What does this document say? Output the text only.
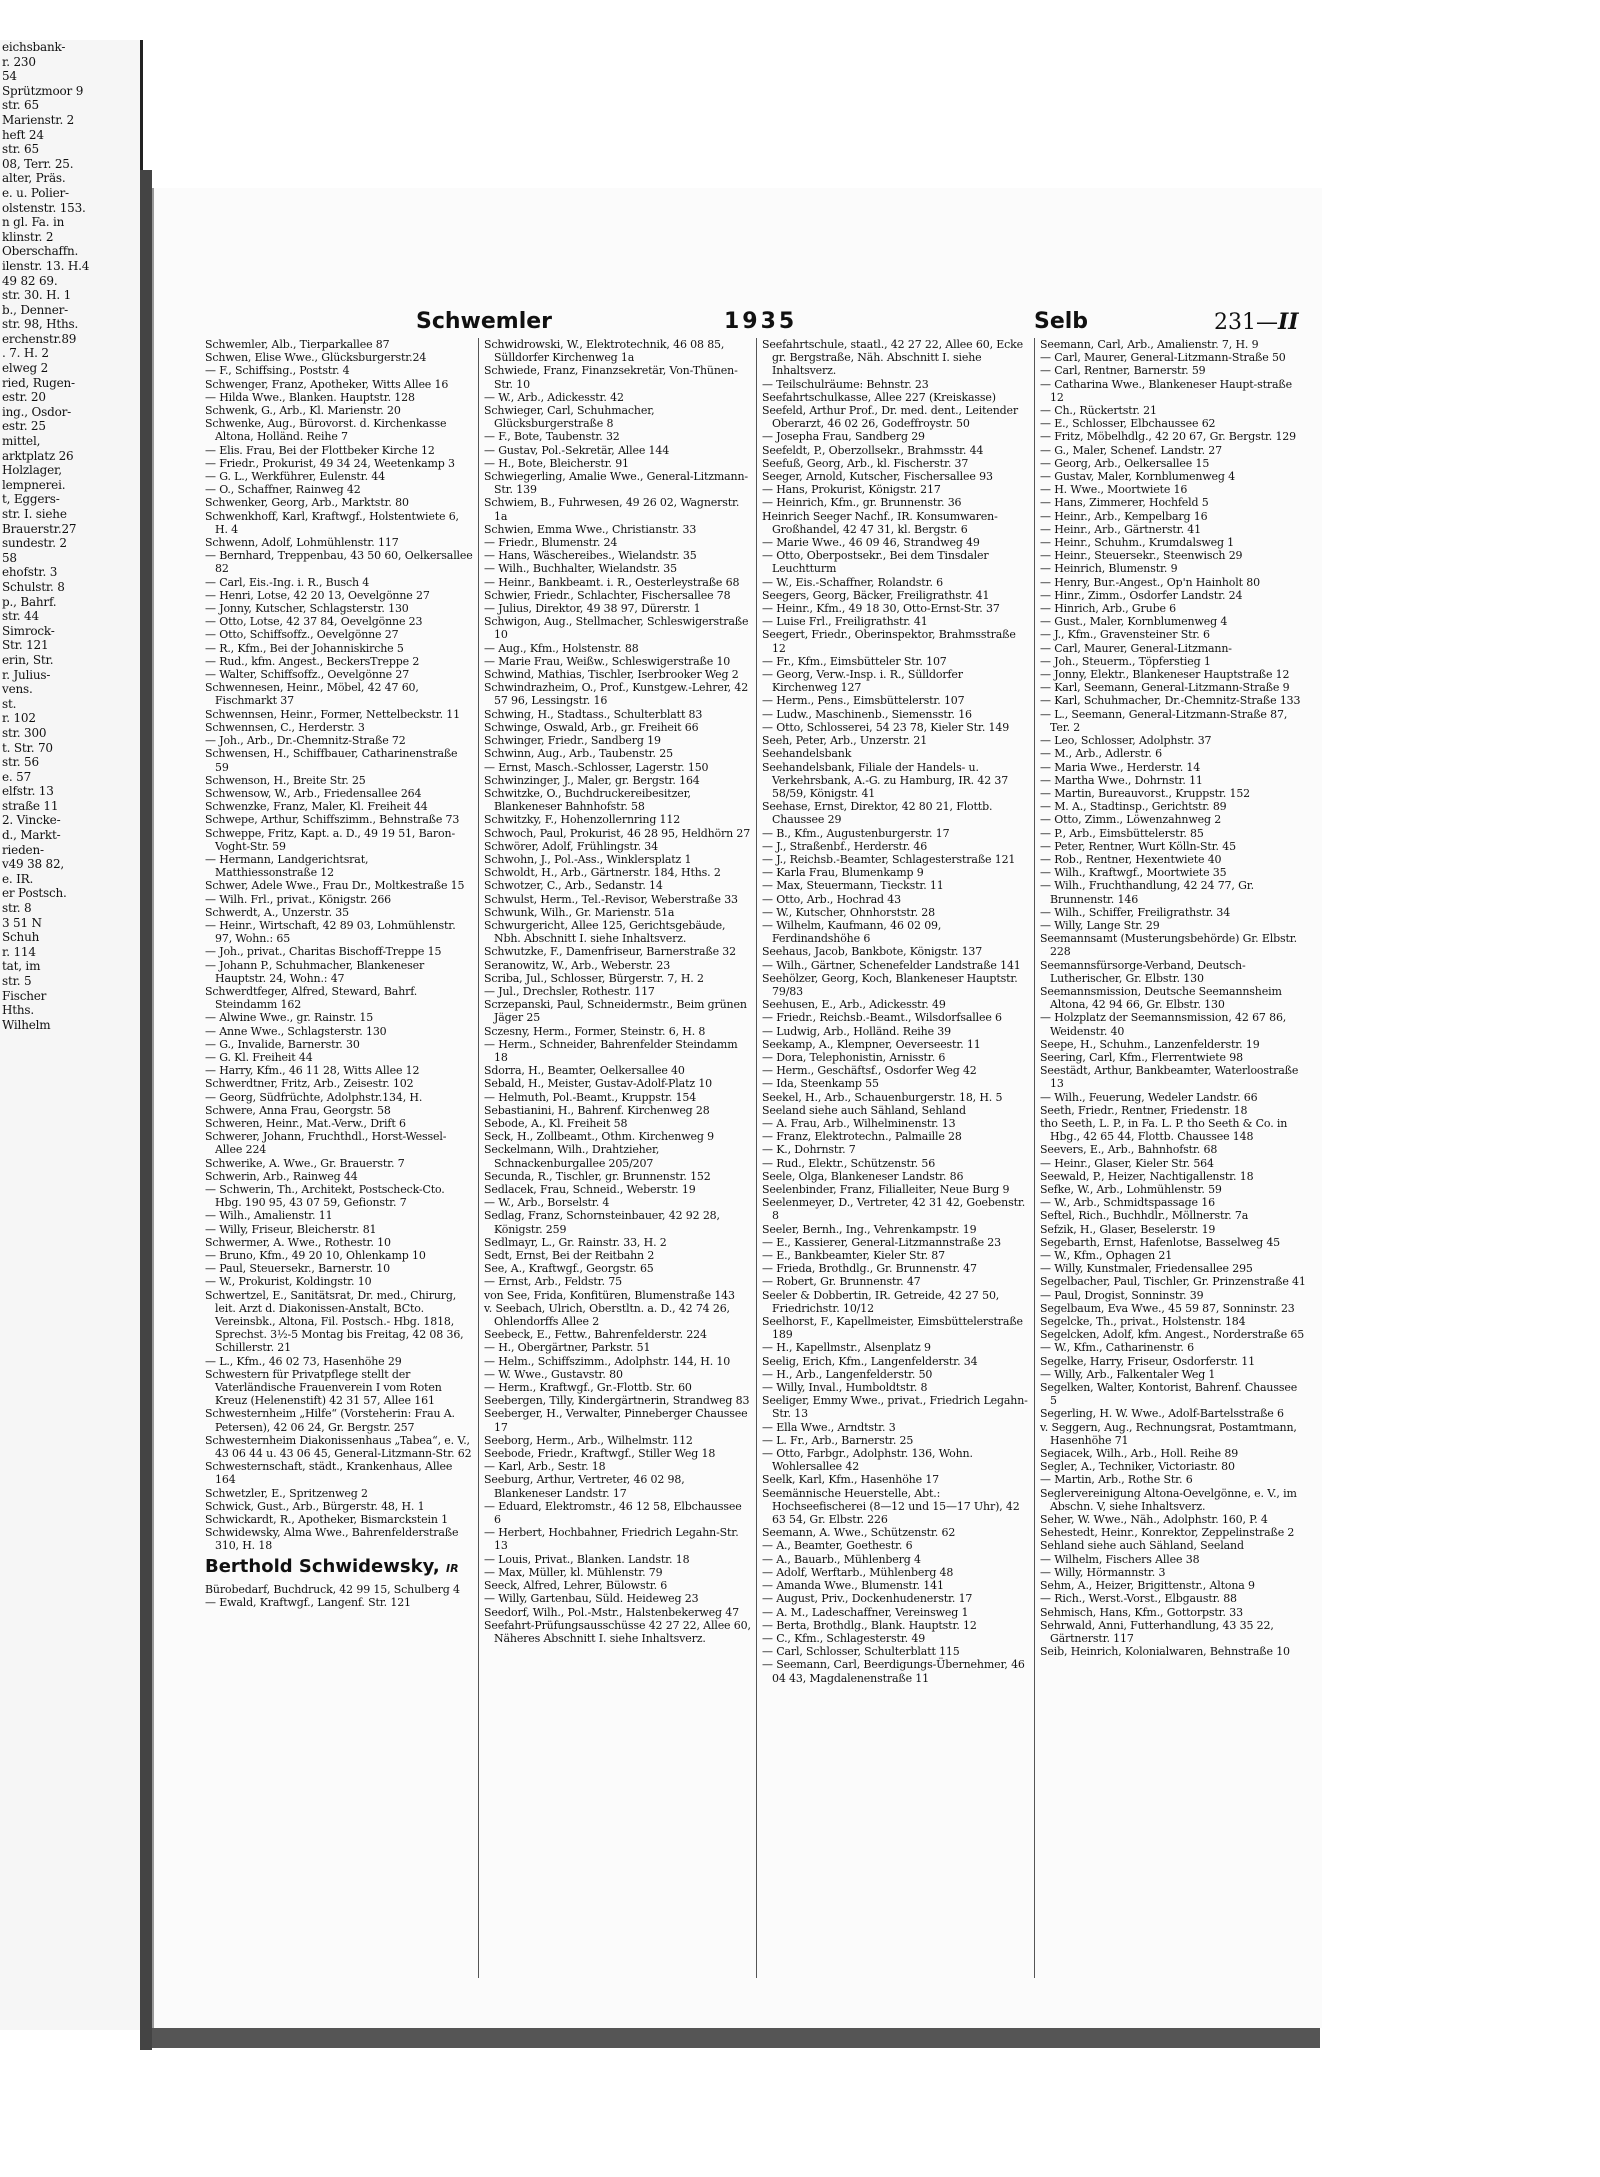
eichsbank-
r. 230
54
Sprützmoor 9
str. 65
Marienstr. 2
heft 24
str. 65
08, Terr. 25.
alter, Präs.
e. u. Polier-
olstenstr. 153.
n gl. Fa. in
klinstr. 2
Oberschaffn.
ilenstr. 13. H.4
49 82 69.
str. 30. H. 1
b., Denner-
str. 98, Hths.
erchenstr.89
. 7. H. 2
elweg 2
ried, Rugen-
estr. 20
ing., Osdor-
estr. 25
mittel,
arktplatz 26
Holzlager,
lempnerei.
t, Eggers-
str. I. siehe
Brauerstr.27
sundestr. 2
58
ehofstr. 3
Schulstr. 8
p., Bahrf.
str. 44
Simrock-
Str. 121
erin, Str.
r. Julius-
vens.
st.
r. 102
str. 300
t. Str. 70
str. 56
e. 57
elfstr. 13
straße 11
2. Vincke-
d., Markt-
rieden-
v49 38 82,
e. IR.
er Postsch.
str. 8
3 51 N
Schuh
r. 114
tat, im
str. 5
Fischer
Hths.
Wilhelm
Schwemler	1935	Selb	231—II
Schwemler, Alb., Tierparkallee 87
Schwen, Elise Wwe., Glücksburgerstr.24
— F., Schiffsing., Poststr. 4
Schwenger, Franz, Apotheker, Witts Allee 16
— Hilda Wwe., Blanken. Hauptstr. 128
Schwenk, G., Arb., Kl. Marienstr. 20
Schwenke, Aug., Bürovorst. d. Kirchenkasse Altona, Holländ. Reihe 7
— Elis. Frau, Bei der Flottbeker Kirche 12
— Friedr., Prokurist, 49 34 24, Weetenkamp 3
— G. L., Werkführer, Eulenstr. 44
— O., Schaffner, Rainweg 42
Schwenker, Georg, Arb., Marktstr. 80
Schwenkhoff, Karl, Kraftwgf., Holstentwiete 6, H. 4
Schwenn, Adolf, Lohmühlenstr. 117
— Bernhard, Treppenbau, 43 50 60, Oelkersallee 82
— Carl, Eis.-Ing. i. R., Busch 4
— Henri, Lotse, 42 20 13, Oevelgönne 27
— Jonny, Kutscher, Schlagsterstr. 130
— Otto, Lotse, 42 37 84, Oevelgönne 23
— Otto, Schiffsoffz., Oevelgönne 27
— R., Kfm., Bei der Johanniskirche 5
— Rud., kfm. Angest., BeckersTreppe 2
— Walter, Schiffsoffz., Oevelgönne 27
Schwennesen, Heinr., Möbel, 42 47 60, Fischmarkt 37
Schwennsen, Heinr., Former, Nettelbeckstr. 11
Schwennsen, C., Herderstr. 3
— Joh., Arb., Dr.-Chemnitz-Straße 72
Schwensen, H., Schiffbauer, Catharinenstraße 59
Schwenson, H., Breite Str. 25
Schwensow, W., Arb., Friedensallee 264
Schwenzke, Franz, Maler, Kl. Freiheit 44
Schwepe, Arthur, Schiffszimm., Behnstraße 73
Schweppe, Fritz, Kapt. a. D., 49 19 51, Baron-Voght-Str. 59
— Hermann, Landgerichtsrat, Matthiessonstraße 12
Schwer, Adele Wwe., Frau Dr., Moltkestraße 15
— Wilh. Frl., privat., Königstr. 266
Schwerdt, A., Unzerstr. 35
— Heinr., Wirtschaft, 42 89 03, Lohmühlenstr. 97, Wohn.: 65
— Joh., privat., Charitas Bischoff-Treppe 15
— Johann P., Schuhmacher, Blankeneser Hauptstr. 24, Wohn.: 47
Schwerdtfeger, Alfred, Steward, Bahrf. Steindamm 162
— Alwine Wwe., gr. Rainstr. 15
— Anne Wwe., Schlagsterstr. 130
— G., Invalide, Barnerstr. 30
— G. Kl. Freiheit 44
— Harry, Kfm., 46 11 28, Witts Allee 12
Schwerdtner, Fritz, Arb., Zeisestr. 102
— Georg, Südfrüchte, Adolphstr.134, H.
Schwere, Anna Frau, Georgstr. 58
Schweren, Heinr., Mat.-Verw., Drift 6
Schwerer, Johann, Fruchthdl., Horst-Wessel-Allee 224
Schwerike, A. Wwe., Gr. Brauerstr. 7
Schwerin, Arb., Rainweg 44
— Schwerin, Th., Architekt, Postscheck-Cto. Hbg. 190 95, 43 07 59, Gefionstr. 7
— Wilh., Amalienstr. 11
— Willy, Friseur, Bleicherstr. 81
Schwermer, A. Wwe., Rothestr. 10
— Bruno, Kfm., 49 20 10, Ohlenkamp 10
— Paul, Steuersekr., Barnerstr. 10
— W., Prokurist, Koldingstr. 10
Schwertzel, E., Sanitätsrat, Dr. med., Chirurg, leit. Arzt d. Diakonissen-Anstalt, BCto. Vereinsbk., Altona, Fil. Postsch.- Hbg. 1818, Sprechst. 3½-5 Montag bis Freitag, 42 08 36, Schillerstr. 21
— L., Kfm., 46 02 73, Hasenhöhe 29
Schwestern für Privatpflege stellt der Vaterländische Frauenverein I vom Roten Kreuz (Helenenstift) 42 31 57, Allee 161
Schwesternheim „Hilfe“ (Vorsteherin: Frau A. Petersen), 42 06 24, Gr. Bergstr. 257
Schwesternheim Diakonissenhaus „Tabea“, e. V., 43 06 44 u. 43 06 45, General-Litzmann-Str. 62
Schwesternschaft, städt., Krankenhaus, Allee 164
Schwetzler, E., Spritzenweg 2
Schwick, Gust., Arb., Bürgerstr. 48, H. 1
Schwickardt, R., Apotheker, Bismarckstein 1
Schwidewsky, Alma Wwe., Bahrenfelderstraße 310, H. 18
Berthold Schwidewsky, IR
Bürobedarf, Buchdruck, 42 99 15, Schulberg 4
— Ewald, Kraftwgf., Langenf. Str. 121
Schwidrowski, W., Elektrotechnik, 46 08 85, Sülldorfer Kirchenweg 1a
Schwiede, Franz, Finanzsekretär, Von-Thünen-Str. 10
— W., Arb., Adickesstr. 42
Schwieger, Carl, Schuhmacher, Glücksburgerstraße 8
— F., Bote, Taubenstr. 32
— Gustav, Pol.-Sekretär, Allee 144
— H., Bote, Bleicherstr. 91
Schwiegerling, Amalie Wwe., General-Litzmann-Str. 139
Schwiem, B., Fuhrwesen, 49 26 02, Wagnerstr. 1a
Schwien, Emma Wwe., Christianstr. 33
— Friedr., Blumenstr. 24
— Hans, Wäschereibes., Wielandstr. 35
— Wilh., Buchhalter, Wielandstr. 35
— Heinr., Bankbeamt. i. R., Oesterleystraße 68
Schwier, Friedr., Schlachter, Fischersallee 78
— Julius, Direktor, 49 38 97, Dürerstr. 1
Schwigon, Aug., Stellmacher, Schleswigerstraße 10
— Aug., Kfm., Holstenstr. 88
— Marie Frau, Weißw., Schleswigerstraße 10
Schwind, Mathias, Tischler, Iserbrooker Weg 2
Schwindrazheim, O., Prof., Kunstgew.-Lehrer, 42 57 96, Lessingstr. 16
Schwing, H., Stadtass., Schulterblatt 83
Schwinge, Oswald, Arb., gr. Freiheit 66
Schwinger, Friedr., Sandberg 19
Schwinn, Aug., Arb., Taubenstr. 25
— Ernst, Masch.-Schlosser, Lagerstr. 150
Schwinzinger, J., Maler, gr. Bergstr. 164
Schwitzke, O., Buchdruckereibesitzer, Blankeneser Bahnhofstr. 58
Schwitzky, F., Hohenzollernring 112
Schwoch, Paul, Prokurist, 46 28 95, Heldhörn 27
Schwörer, Adolf, Frühlingstr. 34
Schwohn, J., Pol.-Ass., Winklersplatz 1
Schwoldt, H., Arb., Gärtnerstr. 184, Hths. 2
Schwotzer, C., Arb., Sedanstr. 14
Schwulst, Herm., Tel.-Revisor, Weberstraße 33
Schwunk, Wilh., Gr. Marienstr. 51a
Schwurgericht, Allee 125, Gerichtsgebäude, Nbh. Abschnitt I. siehe Inhaltsverz.
Schwutzke, F., Damenfriseur, Barnerstraße 32
Seranowitz, W., Arb., Weberstr. 23
Scriba, Jul., Schlosser, Bürgerstr. 7, H. 2
— Jul., Drechsler, Rothestr. 117
Scrzepanski, Paul, Schneidermstr., Beim grünen Jäger 25
Sczesny, Herm., Former, Steinstr. 6, H. 8
— Herm., Schneider, Bahrenfelder Steindamm 18
Sdorra, H., Beamter, Oelkersallee 40
Sebald, H., Meister, Gustav-Adolf-Platz 10
— Helmuth, Pol.-Beamt., Kruppstr. 154
Sebastianini, H., Bahrenf. Kirchenweg 28
Sebode, A., Kl. Freiheit 58
Seck, H., Zollbeamt., Othm. Kirchenweg 9
Seckelmann, Wilh., Drahtzieher, Schnackenburgallee 205/207
Secunda, R., Tischler, gr. Brunnenstr. 152
Sedlacek, Frau, Schneid., Weberstr. 19
— W., Arb., Borselstr. 4
Sedlag, Franz, Schornsteinbauer, 42 92 28, Königstr. 259
Sedlmayr, L., Gr. Rainstr. 33, H. 2
Sedt, Ernst, Bei der Reitbahn 2
See, A., Kraftwgf., Georgstr. 65
— Ernst, Arb., Feldstr. 75
von See, Frida, Konfitüren, Blumenstraße 143
v. Seebach, Ulrich, Oberstltn. a. D., 42 74 26, Ohlendorffs Allee 2
Seebeck, E., Fettw., Bahrenfelderstr. 224
— H., Obergärtner, Parkstr. 51
— Helm., Schiffszimm., Adolphstr. 144, H. 10
— W. Wwe., Gustavstr. 80
— Herm., Kraftwgf., Gr.-Flottb. Str. 60
Seebergen, Tilly, Kindergärtnerin, Strandweg 83
Seeberger, H., Verwalter, Pinneberger Chaussee 17
Seeborg, Herm., Arb., Wilhelmstr. 112
Seebode, Friedr., Kraftwgf., Stiller Weg 18
— Karl, Arb., Sestr. 18
Seeburg, Arthur, Vertreter, 46 02 98, Blankeneser Landstr. 17
— Eduard, Elektromstr., 46 12 58, Elbchaussee 6
— Herbert, Hochbahner, Friedrich Legahn-Str. 13
— Louis, Privat., Blanken. Landstr. 18
— Max, Müller, kl. Mühlenstr. 79
Seeck, Alfred, Lehrer, Bülowstr. 6
— Willy, Gartenbau, Süld. Heideweg 23
Seedorf, Wilh., Pol.-Mstr., Halstenbekerweg 47
Seefahrt-Prüfungsausschüsse 42 27 22, Allee 60, Näheres Abschnitt I. siehe Inhaltsverz.
Seefahrtschule, staatl., 42 27 22, Allee 60, Ecke gr. Bergstraße, Näh. Abschnitt I. siehe Inhaltsverz.
— Teilschulräume: Behnstr. 23
Seefahrtschulkasse, Allee 227 (Kreiskasse)
Seefeld, Arthur Prof., Dr. med. dent., Leitender Oberarzt, 46 02 26, Godeffroystr. 50
— Josepha Frau, Sandberg 29
Seefeldt, P., Oberzollsekr., Brahmsstr. 44
Seefuß, Georg, Arb., kl. Fischerstr. 37
Seeger, Arnold, Kutscher, Fischersallee 93
— Hans, Prokurist, Königstr. 217
— Heinrich, Kfm., gr. Brunnenstr. 36
Heinrich Seeger Nachf., IR. Konsumwaren-Großhandel, 42 47 31, kl. Bergstr. 6
— Marie Wwe., 46 09 46, Strandweg 49
— Otto, Oberpostsekr., Bei dem Tinsdaler Leuchtturm
— W., Eis.-Schaffner, Rolandstr. 6
Seegers, Georg, Bäcker, Freiligrathstr. 41
— Heinr., Kfm., 49 18 30, Otto-Ernst-Str. 37
— Luise Frl., Freiligrathstr. 41
Seegert, Friedr., Oberinspektor, Brahmsstraße 12
— Fr., Kfm., Eimsbütteler Str. 107
— Georg, Verw.-Insp. i. R., Sülldorfer Kirchenweg 127
— Herm., Pens., Eimsbüttelerstr. 107
— Ludw., Maschinenb., Siemensstr. 16
— Otto, Schlosserei, 54 23 78, Kieler Str. 149
Seeh, Peter, Arb., Unzerstr. 21
Seehandelsbank
Seehandelsbank, Filiale der Handels- u. Verkehrsbank, A.-G. zu Hamburg, IR. 42 37 58/59, Königstr. 41
Seehase, Ernst, Direktor, 42 80 21, Flottb. Chaussee 29
— B., Kfm., Augustenburgerstr. 17
— J., Straßenbf., Herderstr. 46
— J., Reichsb.-Beamter, Schlagesterstraße 121
— Karla Frau, Blumenkamp 9
— Max, Steuermann, Tieckstr. 11
— Otto, Arb., Hochrad 43
— W., Kutscher, Ohnhorststr. 28
— Wilhelm, Kaufmann, 46 02 09, Ferdinandshöhe 6
Seehaus, Jacob, Bankbote, Königstr. 137
— Wilh., Gärtner, Schenefelder Landstraße 141
Seehölzer, Georg, Koch, Blankeneser Hauptstr. 79/83
Seehusen, E., Arb., Adickesstr. 49
— Friedr., Reichsb.-Beamt., Wilsdorfsallee 6
— Ludwig, Arb., Holländ. Reihe 39
Seekamp, A., Klempner, Oeverseestr. 11
— Dora, Telephonistin, Arnisstr. 6
— Herm., Geschäftsf., Osdorfer Weg 42
— Ida, Steenkamp 55
Seekel, H., Arb., Schauenburgerstr. 18, H. 5
Seeland siehe auch Sähland, Sehland
— A. Frau, Arb., Wilhelminenstr. 13
— Franz, Elektrotechn., Palmaille 28
— K., Dohrnstr. 7
— Rud., Elektr., Schützenstr. 56
Seele, Olga, Blankeneser Landstr. 86
Seelenbinder, Franz, Filialleiter, Neue Burg 9
Seelenmeyer, D., Vertreter, 42 31 42, Goebenstr. 8
Seeler, Bernh., Ing., Vehrenkampstr. 19
— E., Kassierer, General-Litzmannstraße 23
— E., Bankbeamter, Kieler Str. 87
— Frieda, Brothdlg., Gr. Brunnenstr. 47
— Robert, Gr. Brunnenstr. 47
Seeler & Dobbertin, IR. Getreide, 42 27 50, Friedrichstr. 10/12
Seelhorst, F., Kapellmeister, Eimsbüttelerstraße 189
— H., Kapellmstr., Alsenplatz 9
Seelig, Erich, Kfm., Langenfelderstr. 34
— H., Arb., Langenfelderstr. 50
— Willy, Inval., Humboldtstr. 8
Seeliger, Emmy Wwe., privat., Friedrich Legahn-Str. 13
— Ella Wwe., Arndtstr. 3
— L. Fr., Arb., Barnerstr. 25
— Otto, Farbgr., Adolphstr. 136, Wohn. Wohlersallee 42
Seelk, Karl, Kfm., Hasenhöhe 17
Seemännische Heuerstelle, Abt.: Hochseefischerei (8—12 und 15—17 Uhr), 42 63 54, Gr. Elbstr. 226
Seemann, A. Wwe., Schützenstr. 62
— A., Beamter, Goethestr. 6
— A., Bauarb., Mühlenberg 4
— Adolf, Werftarb., Mühlenberg 48
— Amanda Wwe., Blumenstr. 141
— August, Priv., Dockenhudenerstr. 17
— A. M., Ladeschaffner, Vereinsweg 1
— Berta, Brothdlg., Blank. Hauptstr. 12
— C., Kfm., Schlagesterstr. 49
— Carl, Schlosser, Schulterblatt 115
— Seemann, Carl, Beerdigungs-Übernehmer, 46 04 43, Magdalenenstraße 11
Seemann, Carl, Arb., Amalienstr. 7, H. 9
— Carl, Maurer, General-Litzmann-Straße 50
— Carl, Rentner, Barnerstr. 59
— Catharina Wwe., Blankeneser Haupt-straße 12
— Ch., Rückertstr. 21
— E., Schlosser, Elbchaussee 62
— Fritz, Möbelhdlg., 42 20 67, Gr. Bergstr. 129
— G., Maler, Schenef. Landstr. 27
— Georg, Arb., Oelkersallee 15
— Gustav, Maler, Kornblumenweg 4
— H. Wwe., Moortwiete 16
— Hans, Zimmerer, Hochfeld 5
— Heinr., Arb., Kempelbarg 16
— Heinr., Arb., Gärtnerstr. 41
— Heinr., Schuhm., Krumdalsweg 1
— Heinr., Steuersekr., Steenwisch 29
— Heinrich, Blumenstr. 9
— Henry, Bur.-Angest., Op'n Hainholt 80
— Hinr., Zimm., Osdorfer Landstr. 24
— Hinrich, Arb., Grube 6
— Gust., Maler, Kornblumenweg 4
— J., Kfm., Gravensteiner Str. 6
— Carl, Maurer, General-Litzmann-
— Joh., Steuerm., Töpferstieg 1
— Jonny, Elektr., Blankeneser Hauptstraße 12
— Karl, Seemann, General-Litzmann-Straße 9
— Karl, Schuhmacher, Dr.-Chemnitz-Straße 133
— L., Seemann, General-Litzmann-Straße 87, Ter. 2
— Leo, Schlosser, Adolphstr. 37
— M., Arb., Adlerstr. 6
— Maria Wwe., Herderstr. 14
— Martha Wwe., Dohrnstr. 11
— Martin, Bureauvorst., Kruppstr. 152
— M. A., Stadtinsp., Gerichtstr. 89
— Otto, Zimm., Löwenzahnweg 2
— P., Arb., Eimsbüttelerstr. 85
— Peter, Rentner, Wurt Kölln-Str. 45
— Rob., Rentner, Hexentwiete 40
— Wilh., Kraftwgf., Moortwiete 35
— Wilh., Fruchthandlung, 42 24 77, Gr. Brunnenstr. 146
— Wilh., Schiffer, Freiligrathstr. 34
— Willy, Lange Str. 29
Seemannsamt (Musterungsbehörde) Gr. Elbstr. 228
Seemannsfürsorge-Verband, Deutsch-Lutherischer, Gr. Elbstr. 130
Seemannsmission, Deutsche Seemannsheim Altona, 42 94 66, Gr. Elbstr. 130
— Holzplatz der Seemannsmission, 42 67 86, Weidenstr. 40
Seepe, H., Schuhm., Lanzenfelderstr. 19
Seering, Carl, Kfm., Flerrentwiete 98
Seestädt, Arthur, Bankbeamter, Waterloostraße 13
— Wilh., Feuerung, Wedeler Landstr. 66
Seeth, Friedr., Rentner, Friedenstr. 18
tho Seeth, L. P., in Fa. L. P. tho Seeth & Co. in Hbg., 42 65 44, Flottb. Chaussee 148
Seevers, E., Arb., Bahnhofstr. 68
— Heinr., Glaser, Kieler Str. 564
Seewald, P., Heizer, Nachtigallenstr. 18
Sefke, W., Arb., Lohmühlenstr. 59
— W., Arb., Schmidtspassage 16
Seftel, Rich., Buchhdlr., Möllnerstr. 7a
Sefzik, H., Glaser, Beselerstr. 19
Segebarth, Ernst, Hafenlotse, Basselweg 45
— W., Kfm., Ophagen 21
— Willy, Kunstmaler, Friedensallee 295
Segelbacher, Paul, Tischler, Gr. Prinzenstraße 41
— Paul, Drogist, Sonninstr. 39
Segelbaum, Eva Wwe., 45 59 87, Sonninstr. 23
Segelcke, Th., privat., Holstenstr. 184
Segelcken, Adolf, kfm. Angest., Norderstraße 65
— W., Kfm., Catharinenstr. 6
Segelke, Harry, Friseur, Osdorferstr. 11
— Willy, Arb., Falkentaler Weg 1
Segelken, Walter, Kontorist, Bahrenf. Chaussee 5
Segerling, H. W. Wwe., Adolf-Bartelsstraße 6
v. Seggern, Aug., Rechnungsrat, Postamtmann, Hasenhöhe 71
Segiacek, Wilh., Arb., Holl. Reihe 89
Segler, A., Techniker, Victoriastr. 80
— Martin, Arb., Rothe Str. 6
Seglervereinigung Altona-Oevelgönne, e. V., im Abschn. V, siehe Inhaltsverz.
Seher, W. Wwe., Näh., Adolphstr. 160, P. 4
Sehestedt, Heinr., Konrektor, Zeppelinstraße 2
Sehland siehe auch Sähland, Seeland
— Wilhelm, Fischers Allee 38
— Willy, Hörmannstr. 3
Sehm, A., Heizer, Brigittenstr., Altona 9
— Rich., Werst.-Vorst., Elbgaustr. 88
Sehmisch, Hans, Kfm., Gottorpstr. 33
Sehrwald, Anni, Futterhandlung, 43 35 22, Gärtnerstr. 117
Seib, Heinrich, Kolonialwaren, Behnstraße 10
